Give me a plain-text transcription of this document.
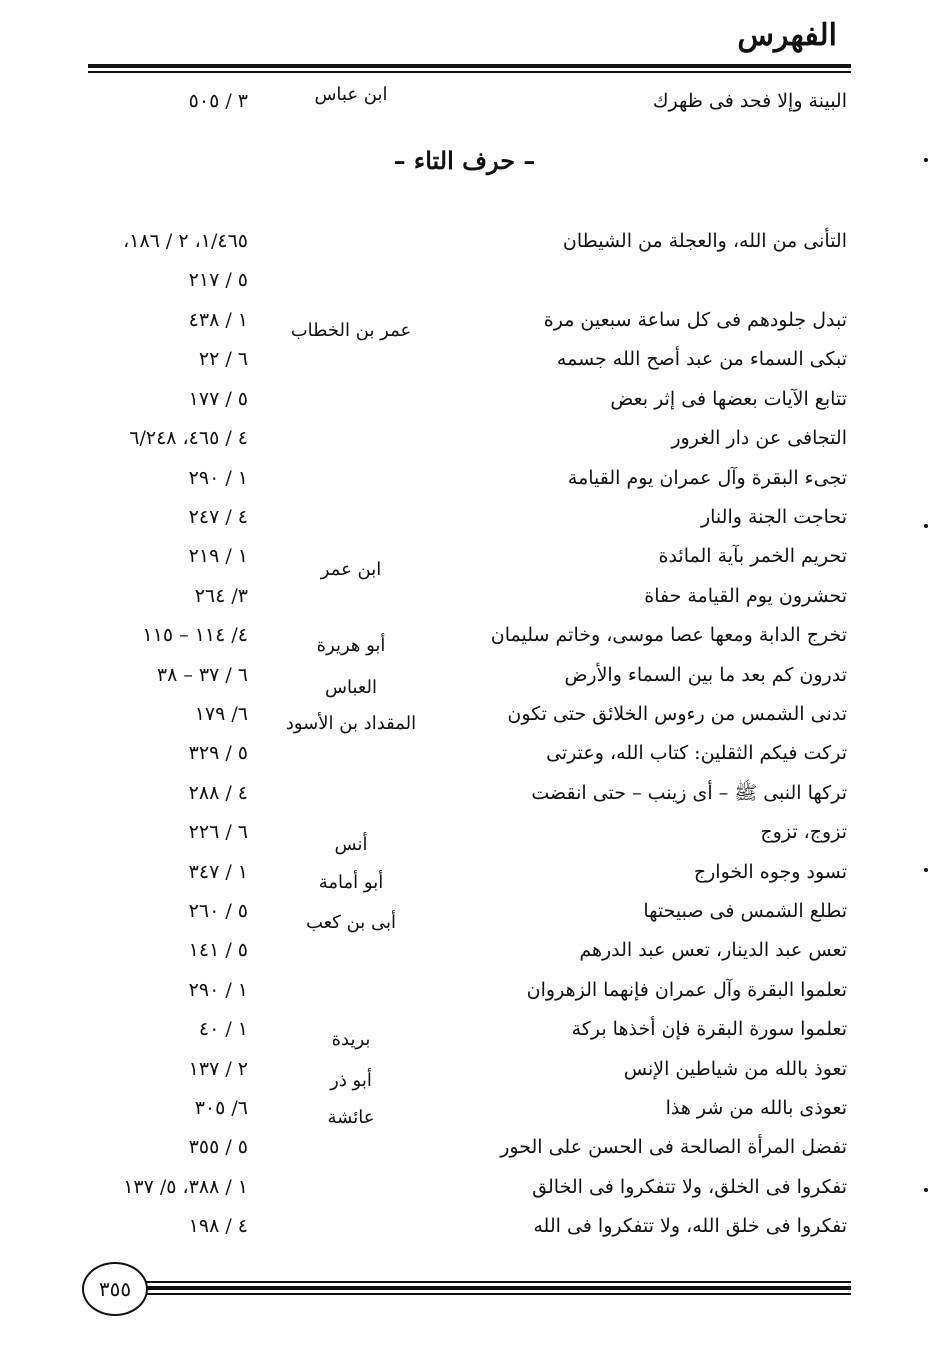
الفهرس
البينة وإلا فحد فى ظهرك
ابن عباس
٣ / ٥٠٥
– حرف التاء –
التأنى من الله، والعجلة من الشيطان
١/٤٦٥، ٢ / ١٨٦،
٥ / ٢١٧
تبدل جلودهم فى كل ساعة سبعين مرة
١ / ٤٣٨
تبكى السماء من عبد أصح الله جسمه
٦ / ٢٢
تتابع الآيات بعضها فى إثر بعض
٥ / ١٧٧
التجافى عن دار الغرور
٤ / ٤٦٥، ٦/٢٤٨
تجىء البقرة وآل عمران يوم القيامة
١ / ٢٩٠
تحاجت الجنة والنار
٤ / ٢٤٧
تحريم الخمر بآية المائدة
١ / ٢١٩
تحشرون يوم القيامة حفاة
٣/ ٢٦٤
تخرج الدابة ومعها عصا موسى، وخاتم سليمان
٤/ ١١٤ – ١١٥
تدرون كم بعد ما بين السماء والأرض
٦ / ٣٧ – ٣٨
تدنى الشمس من رءوس الخلائق حتى تكون
٦/ ١٧٩
تركت فيكم الثقلين: كتاب الله، وعترتى
٥ / ٣٢٩
تركها النبى ﷺ – أى زينب – حتى انقضت
٤ / ٢٨٨
تزوج، تزوج
٦ / ٢٢٦
تسود وجوه الخوارج
١ / ٣٤٧
تطلع الشمس فى صبيحتها
٥ / ٢٦٠
تعس عبد الدينار، تعس عبد الدرهم
٥ / ١٤١
تعلموا البقرة وآل عمران فإنهما الزهروان
١ / ٢٩٠
تعلموا سورة البقرة فإن أخذها بركة
١ / ٤٠
تعوذ بالله من شياطين الإنس
٢ / ١٣٧
تعوذى بالله من شر هذا
٦/ ٣٠٥
تفضل المرأة الصالحة فى الحسن على الحور
٥ / ٣٥٥
تفكروا فى الخلق، ولا تتفكروا فى الخالق
١ / ٣٨٨، ٥/ ١٣٧
تفكروا فى خلق الله، ولا تتفكروا فى الله
٤ / ١٩٨
عمر بن الخطاب
ابن عمر
أبو هريرة
العباس
المقداد بن الأسود
أنس
أبو أمامة
أبى بن كعب
بريدة
أبو ذر
عائشة
٣٥٥
